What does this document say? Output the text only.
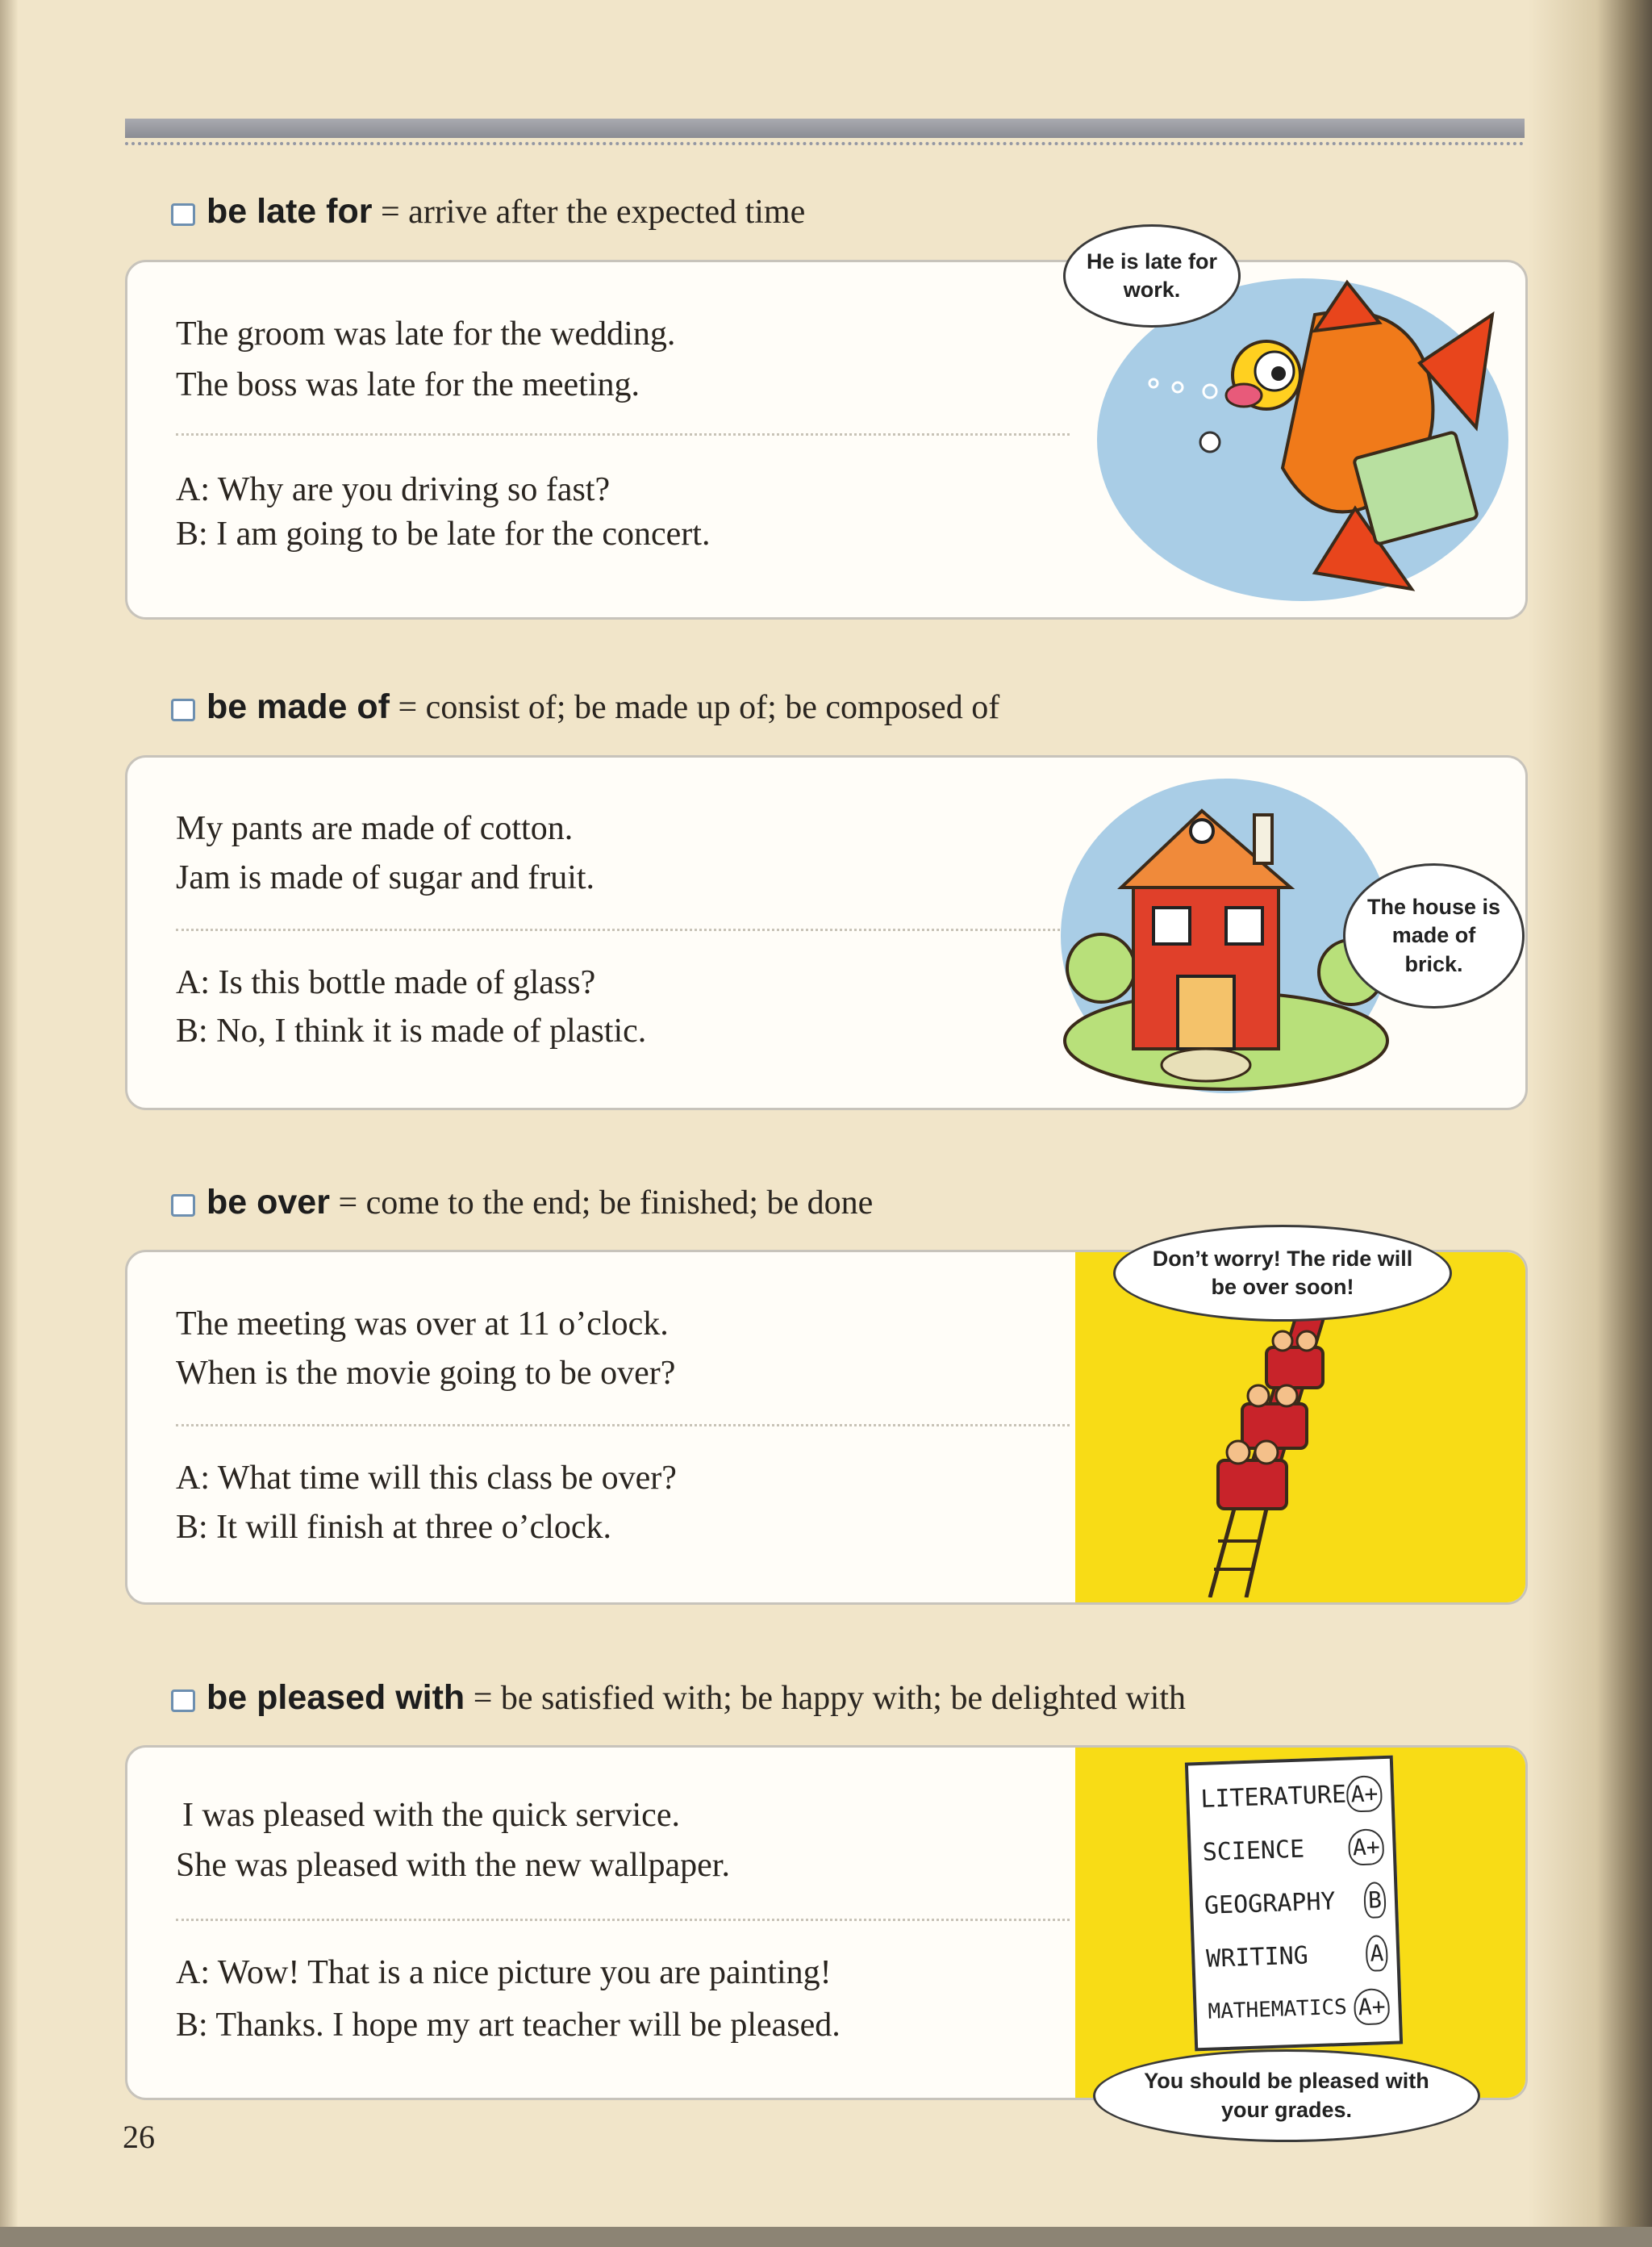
be late for = arrive after the expected time
The groom was late for the wedding.
The boss was late for the meeting.
A: Why are you driving so fast?
B: I am going to be late for the concert.
He is late for work.
be made of = consist of; be made up of; be composed of
My pants are made of cotton.
Jam is made of sugar and fruit.
A: Is this bottle made of glass?
B: No, I think it is made of plastic.
The house is made of brick.
be over = come to the end; be finished; be done
The meeting was over at 11 o’clock.
When is the movie going to be over?
A: What time will this class be over?
B: It will finish at three o’clock.
Don’t worry! The ride will be over soon!
be pleased with = be satisfied with; be happy with; be delighted with
I was pleased with the quick service.
She was pleased with the new wallpaper.
A: Wow! That is a nice picture you are painting!
B: Thanks. I hope my art teacher will be pleased.
LITERATURE A+
SCIENCE A+
GEOGRAPHY B
WRITING	A
MATHEMATICS A+
You should be pleased with your grades.
26
